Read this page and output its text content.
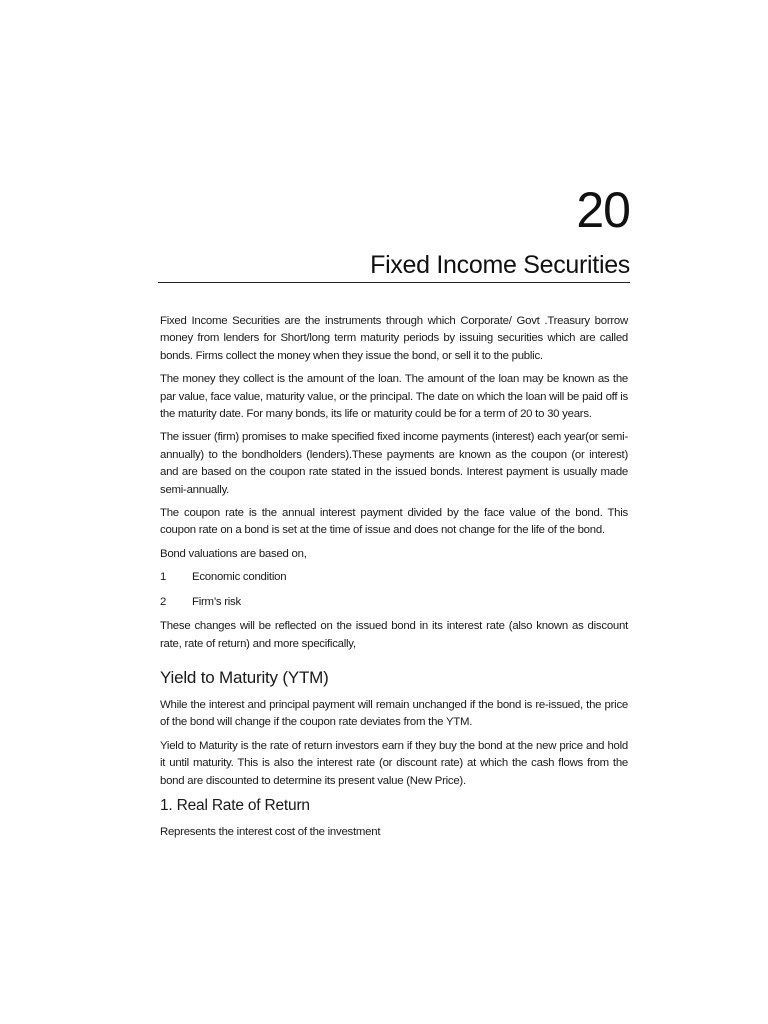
20
Fixed Income Securities

Fixed Income Securities are the instruments through which Corporate/ Govt .Treasury borrow money from lenders for Short/long term maturity periods by issuing securities which are called bonds. Firms collect the money when they issue the bond, or sell it to the public.

The money they collect is the amount of the loan. The amount of the loan may be known as the par value, face value, maturity value, or the principal. The date on which the loan will be paid off is the maturity date. For many bonds, its life or maturity could be for a term of 20 to 30 years.

The issuer (firm) promises to make specified fixed income payments (interest) each year(or semi-annually) to the bondholders (lenders).These payments are known as the coupon (or interest) and are based on the coupon rate stated in the issued bonds. Interest payment is usually made semi-annually.

The coupon rate is the annual interest payment divided by the face value of the bond. This coupon rate on a bond is set at the time of issue and does not change for the life of the bond.

Bond valuations are based on,

1	Economic condition
2	Firm’s risk

These changes will be reflected on the issued bond in its interest rate (also known as discount rate, rate of return) and more specifically,

Yield to Maturity (YTM)

While the interest and principal payment will remain unchanged if the bond is re-issued, the price of the bond will change if the coupon rate deviates from the YTM.

Yield to Maturity is the rate of return investors earn if they buy the bond at the new price and hold it until maturity. This is also the interest rate (or discount rate) at which the cash flows from the bond are discounted to determine its present value (New Price).

1. Real Rate of Return

Represents the interest cost of the investment
